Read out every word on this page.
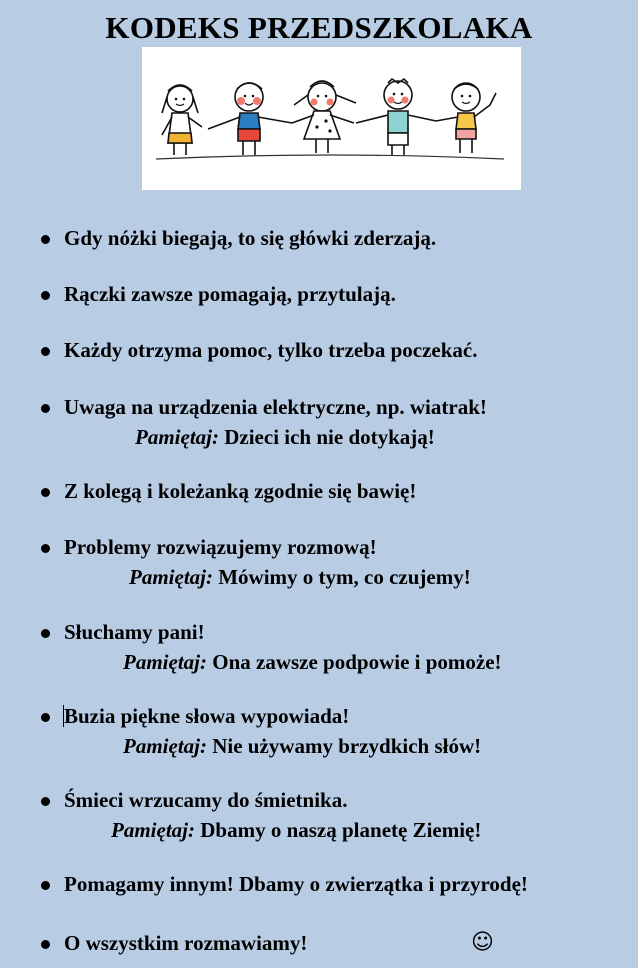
KODEKS PRZEDSZKOLAKA
Gdy nóżki biegają, to się główki zderzają.
Rączki zawsze pomagają, przytulają.
Każdy otrzyma pomoc, tylko trzeba poczekać.
Uwaga na urządzenia elektryczne, np. wiatrak!
Pamiętaj: Dzieci ich nie dotykają!
Z kolegą i koleżanką zgodnie się bawię!
Problemy rozwiązujemy rozmową!
Pamiętaj: Mówimy o tym, co czujemy!
Słuchamy pani!
Pamiętaj: Ona zawsze podpowie i pomoże!
Buzia piękne słowa wypowiada!
Pamiętaj: Nie używamy brzydkich słów!
Śmieci wrzucamy do śmietnika.
Pamiętaj: Dbamy o naszą planetę Ziemię!
Pomagamy innym! Dbamy o zwierzątka i przyrodę!
O wszystkim rozmawiamy!	☺
